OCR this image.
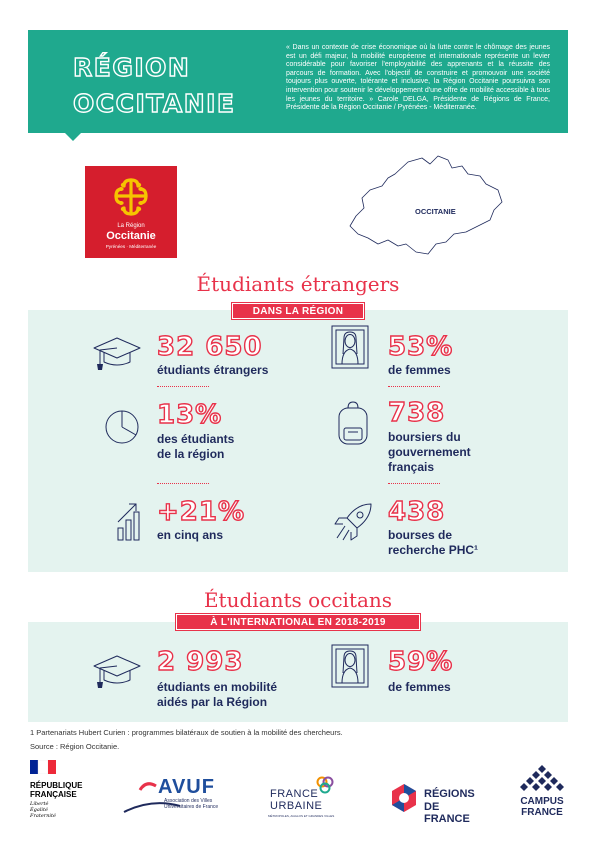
RÉGION
OCCITANIE
« Dans un contexte de crise économique où la lutte contre le chômage des jeunes est un défi majeur, la mobilité européenne et internationale représente un levier considérable pour favoriser l'employabilité des apprenants et la réussite des parcours de formation. Avec l'objectif de construire et promouvoir une société toujours plus ouverte, tolérante et inclusive, la Région Occitanie poursuivra son intervention pour soutenir le développement d'une offre de mobilité accessible à tous les jeunes du territoire. » Carole DELGA, Présidente de Régions de France, Présidente de la Région Occitanie / Pyrénées - Méditerranée.
La Région
Occitanie
Pyrénées · Méditerranée
OCCITANIE
Étudiants étrangers
DANS LA RÉGION
32 650
étudiants étrangers
53%
de femmes
13%
des étudiants
de la région
738
boursiers du
gouvernement
français
+21%
en cinq ans
438
bourses de
recherche PHC¹
Étudiants occitans
À L'INTERNATIONAL EN 2018-2019
2 993
étudiants en mobilité
aidés par la Région
59%
de femmes
1 Partenariats Hubert Curien : programmes bilatéraux de soutien à la mobilité des chercheurs.
Source : Région Occitanie.
RÉPUBLIQUE
FRANÇAISE
Liberté
Égalité
Fraternité
AVUF
Association des Villes
Universitaires de France
FRANCE
URBAINE
MÉTROPOLES, AGGLOS ET GRANDES VILLES
RÉGIONS
DE FRANCE
CAMPUS
FRANCE
